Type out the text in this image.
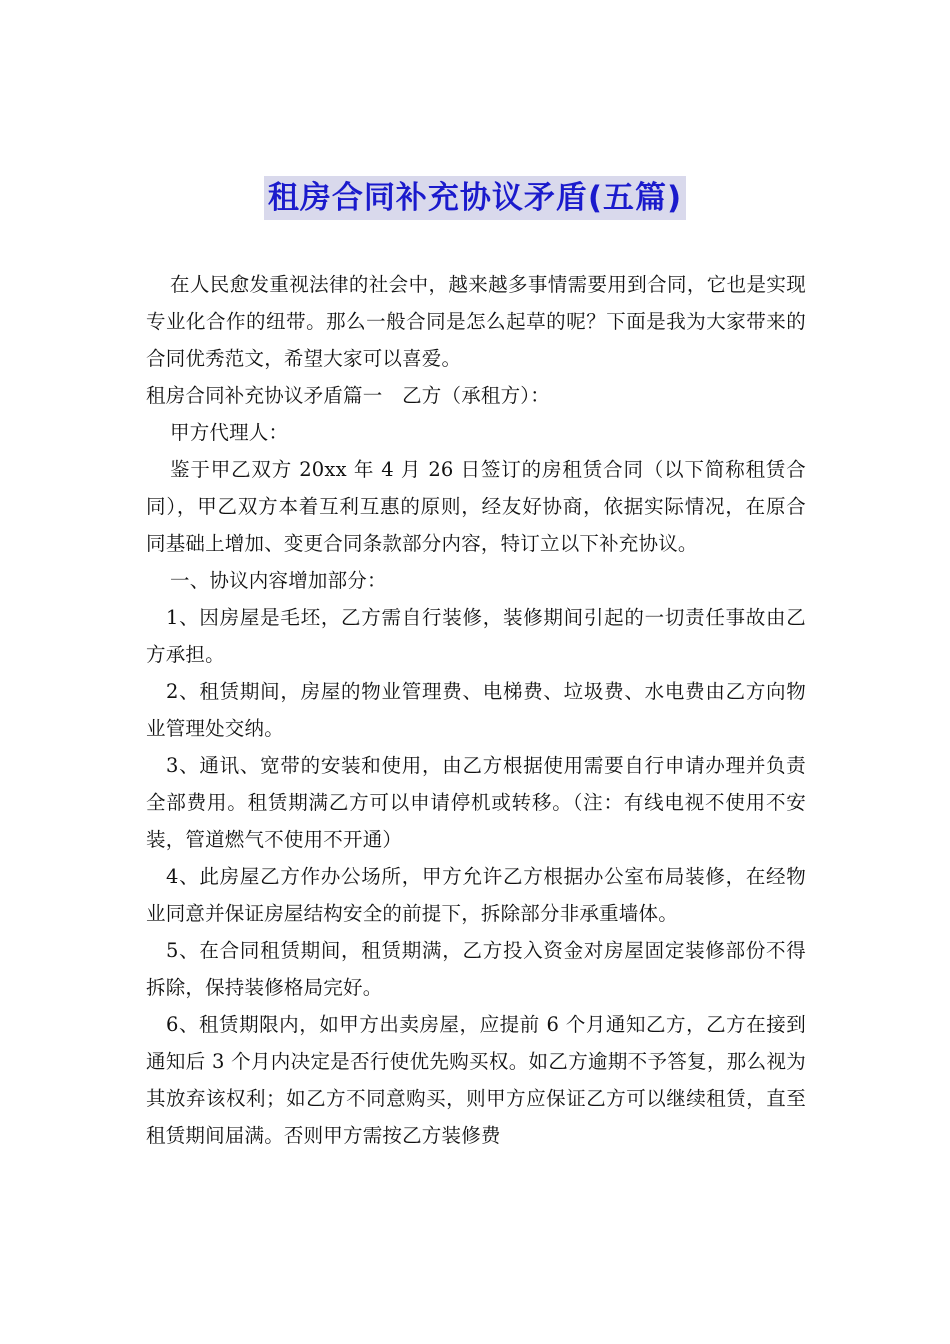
租房合同补充协议矛盾(五篇)

在人民愈发重视法律的社会中，越来越多事情需要用到合同，它也是实现专业化合作的纽带。那么一般合同是怎么起草的呢？下面是我为大家带来的合同优秀范文，希望大家可以喜爱。

租房合同补充协议矛盾篇一　乙方（承租方）：

甲方代理人：

鉴于甲乙双方 20xx 年 4 月 26 日签订的房租赁合同（以下简称租赁合同），甲乙双方本着互利互惠的原则，经友好协商，依据实际情况，在原合同基础上增加、变更合同条款部分内容，特订立以下补充协议。

一、协议内容增加部分：

1、因房屋是毛坯，乙方需自行装修，装修期间引起的一切责任事故由乙方承担。

2、租赁期间，房屋的物业管理费、电梯费、垃圾费、水电费由乙方向物业管理处交纳。

3、通讯、宽带的安装和使用，由乙方根据使用需要自行申请办理并负责全部费用。租赁期满乙方可以申请停机或转移。（注：有线电视不使用不安装，管道燃气不使用不开通）

4、此房屋乙方作办公场所，甲方允许乙方根据办公室布局装修，在经物业同意并保证房屋结构安全的前提下，拆除部分非承重墙体。

5、在合同租赁期间，租赁期满，乙方投入资金对房屋固定装修部份不得拆除，保持装修格局完好。

6、租赁期限内，如甲方出卖房屋，应提前 6 个月通知乙方，乙方在接到通知后 3 个月内决定是否行使优先购买权。如乙方逾期不予答复，那么视为其放弃该权利；如乙方不同意购买，则甲方应保证乙方可以继续租赁，直至租赁期间届满。否则甲方需按乙方装修费
